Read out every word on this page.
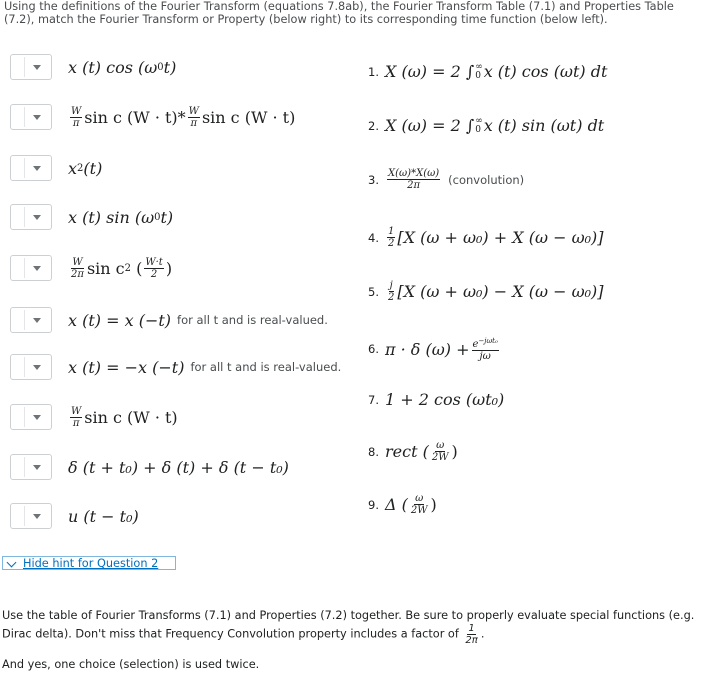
Using the definitions of the Fourier Transform (equations 7.8ab), the Fourier Transform Table (7.1) and Properties Table (7.2), match the Fourier Transform or Property (below right) to its corresponding time function (below left).
x (t) cos (ω 0 t)
$\frac{W}{\pi}$ sin c $(W \cdot t) * \frac{W}{\pi}$ sin c (W · t)
x 2 (t)
x (t) sin (ω 0 t)
$\frac{W}{2\pi}$ sin c 2 ( $\frac{W\cdot t}{2}$ )
x (t) = x (−t) for all t and is real-valued.
x (t) = −x (−t) for all t and is real-valued.
$\frac{W}{\pi}$ sin c (W · t)
δ (t + t₀) + δ (t) + δ (t − t₀)
u (t − t₀)
1. X (ω) = 2 ∫ ∞
0 x (t) cos (ωt) dt
2. X (ω) = 2 ∫ ∞
0 x (t) sin (ωt) dt
3. $\frac{X(\omega)*X(\omega)}{2\pi}$ (convolution)
4. $\frac{1}{2} [X$ (ω + ω₀) + X (ω − ω₀)]
5. $\frac{j}{2} [X$ (ω + ω₀) − X (ω − ω₀)]
6. π · δ $(\omega) + \frac{e^{-j\omega t_0}}{j\omega}$
7. 1 + 2 cos (ωt₀)
8. rect ( $\frac{\omega}{2W}$ )
9. Δ ( $\frac{\omega}{2W}$ )
Hide hint for Question 2
Use the table of Fourier Transforms (7.1) and Properties (7.2) together. Be sure to properly evaluate special functions (e.g. Dirac delta). Don't miss that Frequency Convolution property includes a factor of $\frac{1}{2\pi}$ .
And yes, one choice (selection) is used twice.
